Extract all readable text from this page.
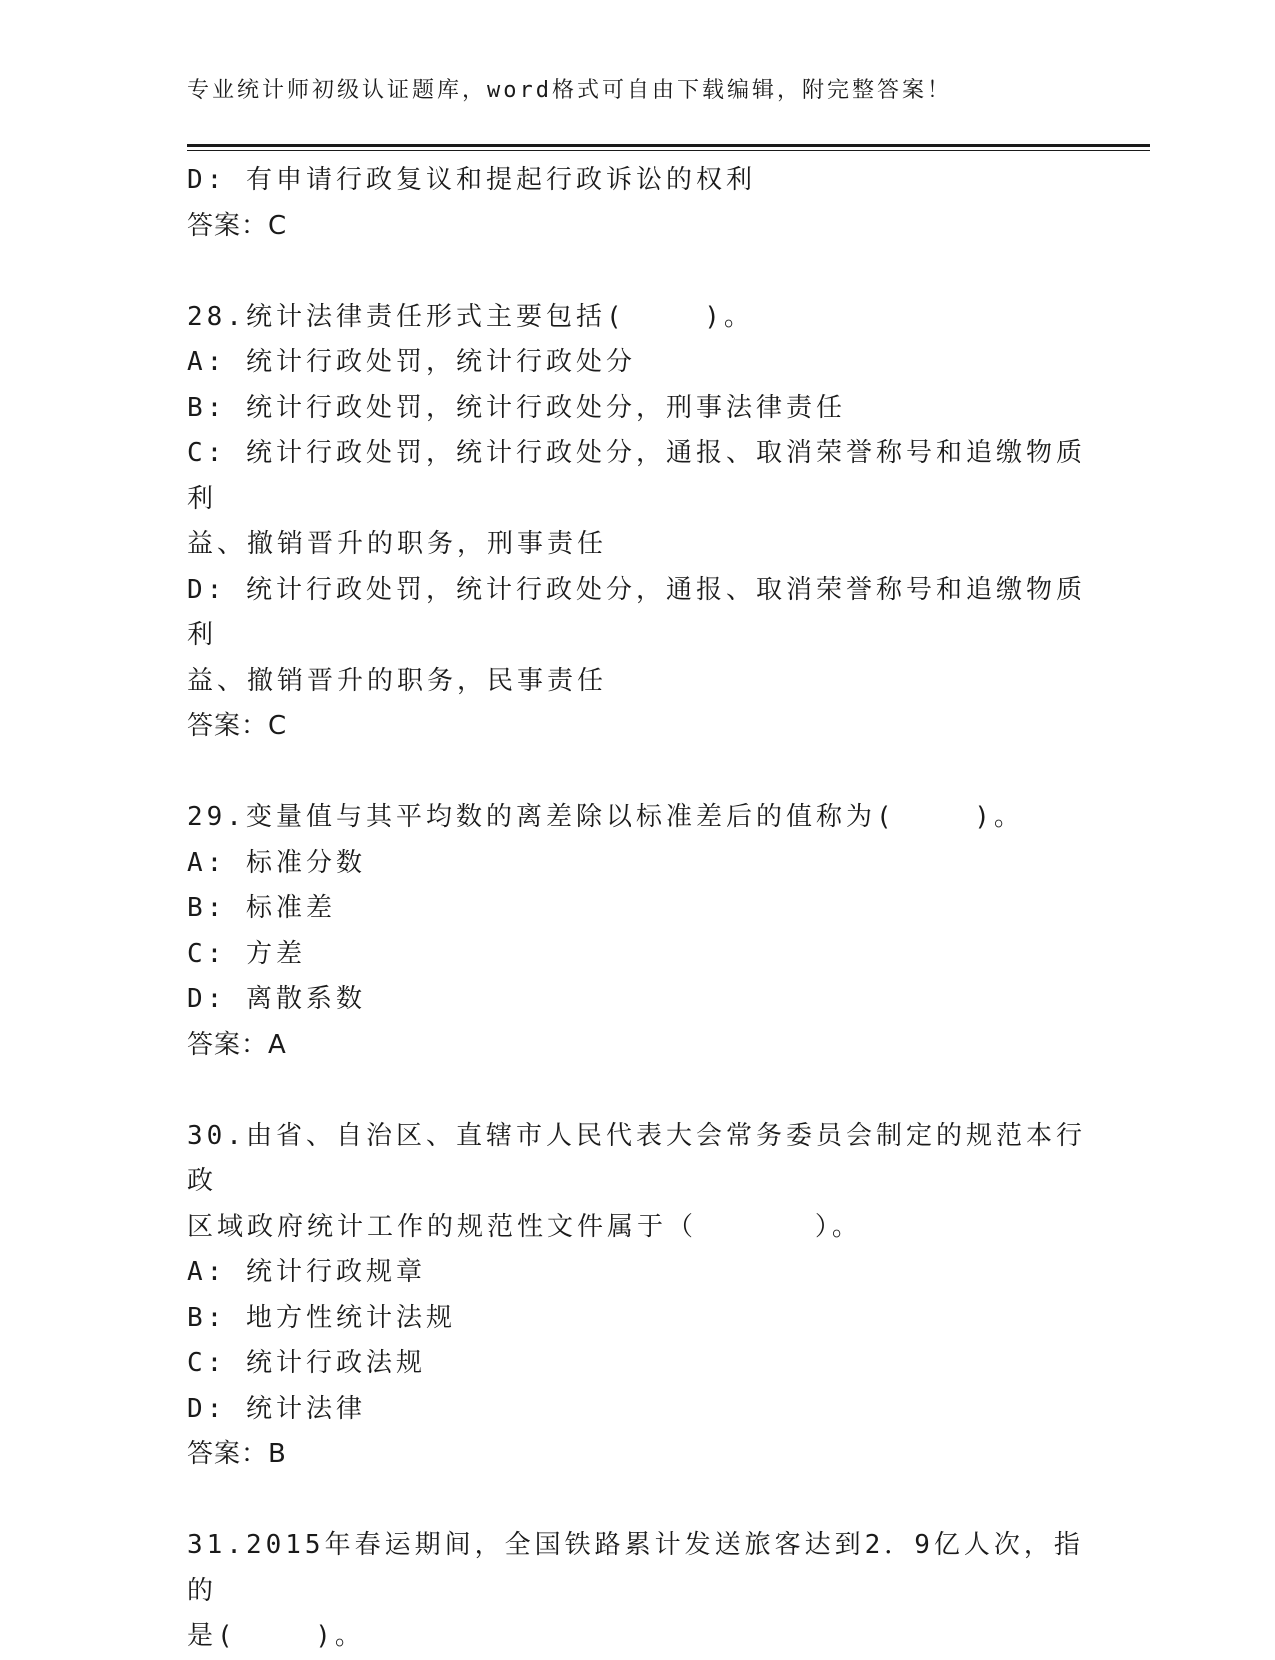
专业统计师初级认证题库，word格式可自由下载编辑，附完整答案！
D: 有申请行政复议和提起行政诉讼的权利
答案：C
28.统计法律责任形式主要包括(    )。
A: 统计行政处罚，统计行政处分
B: 统计行政处罚，统计行政处分，刑事法律责任
C: 统计行政处罚，统计行政处分，通报、取消荣誉称号和追缴物质利
益、撤销晋升的职务，刑事责任
D: 统计行政处罚，统计行政处分，通报、取消荣誉称号和追缴物质利
益、撤销晋升的职务，民事责任
答案：C
29.变量值与其平均数的离差除以标准差后的值称为(    )。
A: 标准分数
B: 标准差
C: 方差
D: 离散系数
答案：A
30.由省、自治区、直辖市人民代表大会常务委员会制定的规范本行政
区域政府统计工作的规范性文件属于（      ）。
A: 统计行政规章
B: 地方性统计法规
C: 统计行政法规
D: 统计法律
答案：B
31.2015年春运期间，全国铁路累计发送旅客达到2．9亿人次，指的
是(    )。
